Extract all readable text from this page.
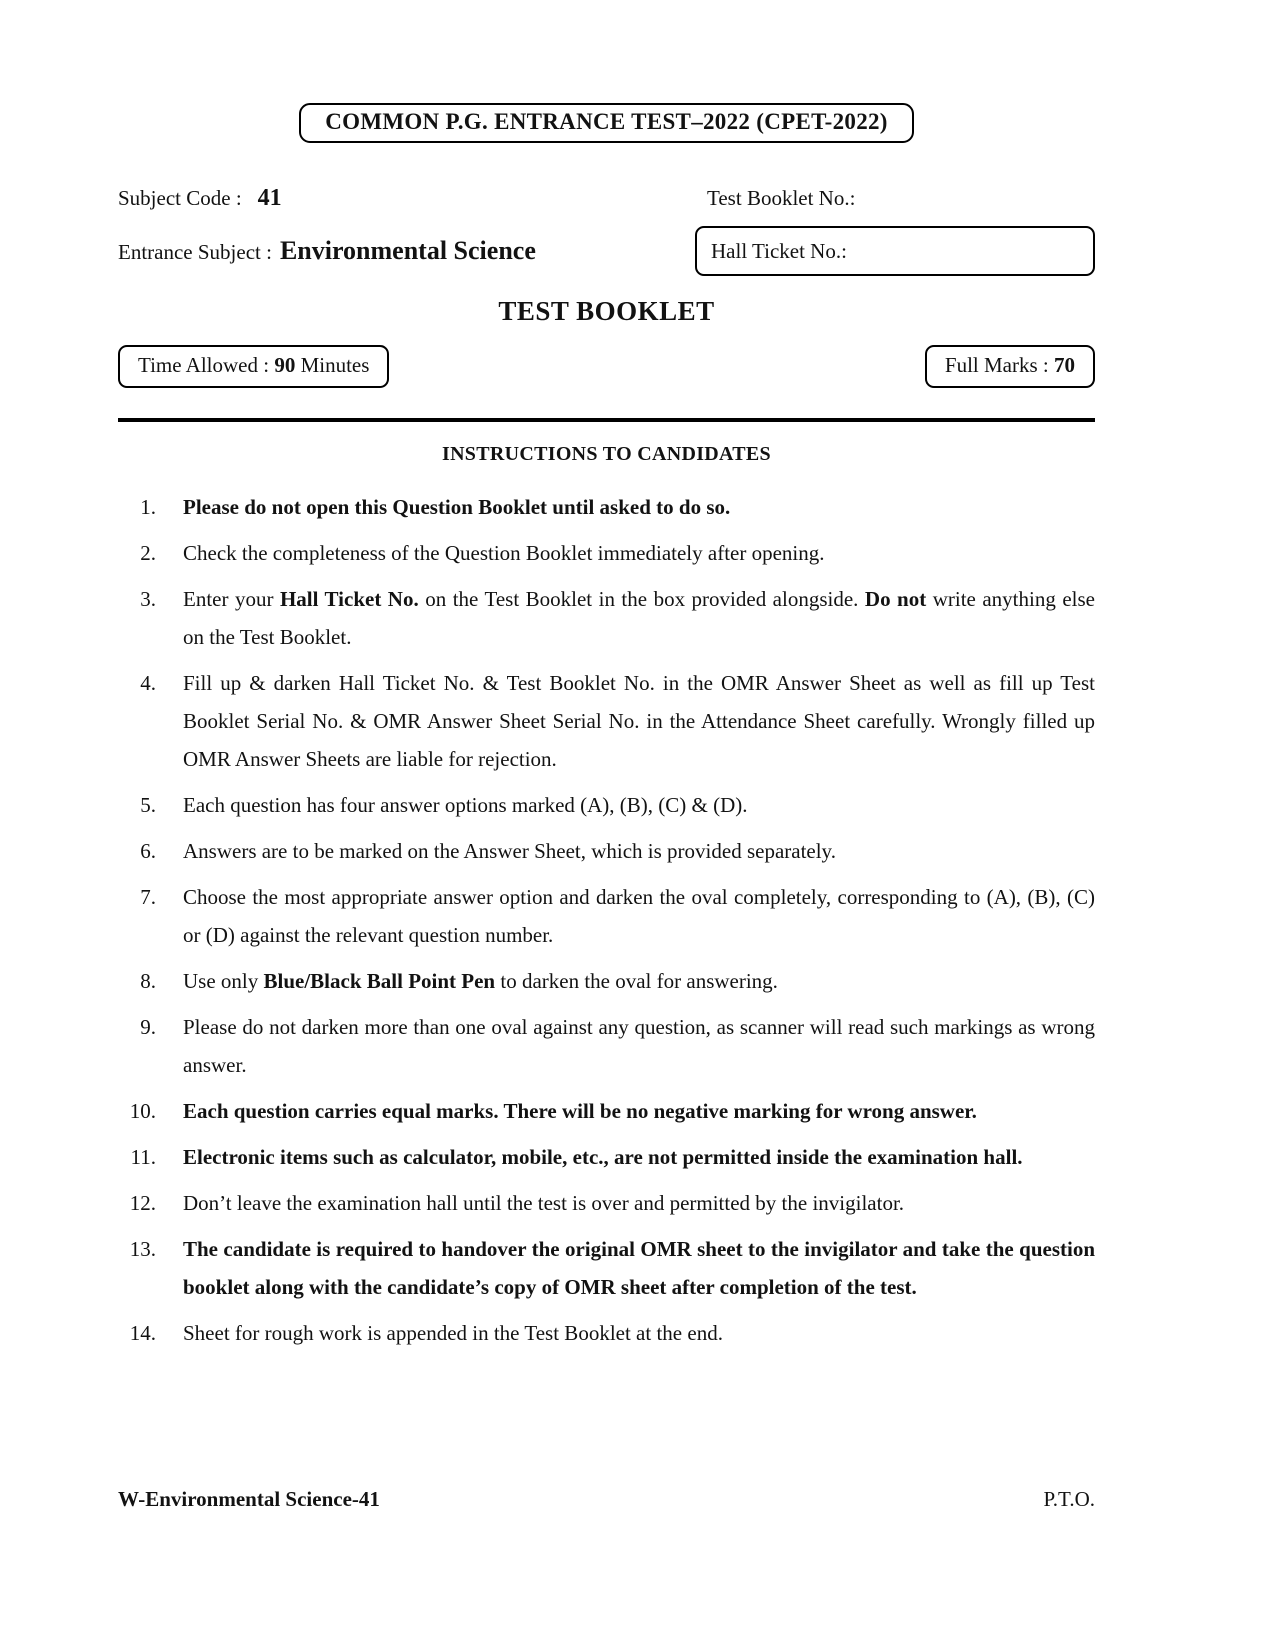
COMMON P.G. ENTRANCE TEST–2022 (CPET-2022)
Subject Code : 41	Test Booklet No.:
Entrance Subject : Environmental Science	Hall Ticket No.:
TEST BOOKLET
Time Allowed : 90 Minutes	Full Marks : 70
INSTRUCTIONS TO CANDIDATES
1. Please do not open this Question Booklet until asked to do so.
2. Check the completeness of the Question Booklet immediately after opening.
3. Enter your Hall Ticket No. on the Test Booklet in the box provided alongside. Do not write anything else on the Test Booklet.
4. Fill up & darken Hall Ticket No. & Test Booklet No. in the OMR Answer Sheet as well as fill up Test Booklet Serial No. & OMR Answer Sheet Serial No. in the Attendance Sheet carefully. Wrongly filled up OMR Answer Sheets are liable for rejection.
5. Each question has four answer options marked (A), (B), (C) & (D).
6. Answers are to be marked on the Answer Sheet, which is provided separately.
7. Choose the most appropriate answer option and darken the oval completely, corresponding to (A), (B), (C) or (D) against the relevant question number.
8. Use only Blue/Black Ball Point Pen to darken the oval for answering.
9. Please do not darken more than one oval against any question, as scanner will read such markings as wrong answer.
10. Each question carries equal marks. There will be no negative marking for wrong answer.
11. Electronic items such as calculator, mobile, etc., are not permitted inside the examination hall.
12. Don’t leave the examination hall until the test is over and permitted by the invigilator.
13. The candidate is required to handover the original OMR sheet to the invigilator and take the question booklet along with the candidate’s copy of OMR sheet after completion of the test.
14. Sheet for rough work is appended in the Test Booklet at the end.
W-Environmental Science-41	P.T.O.
